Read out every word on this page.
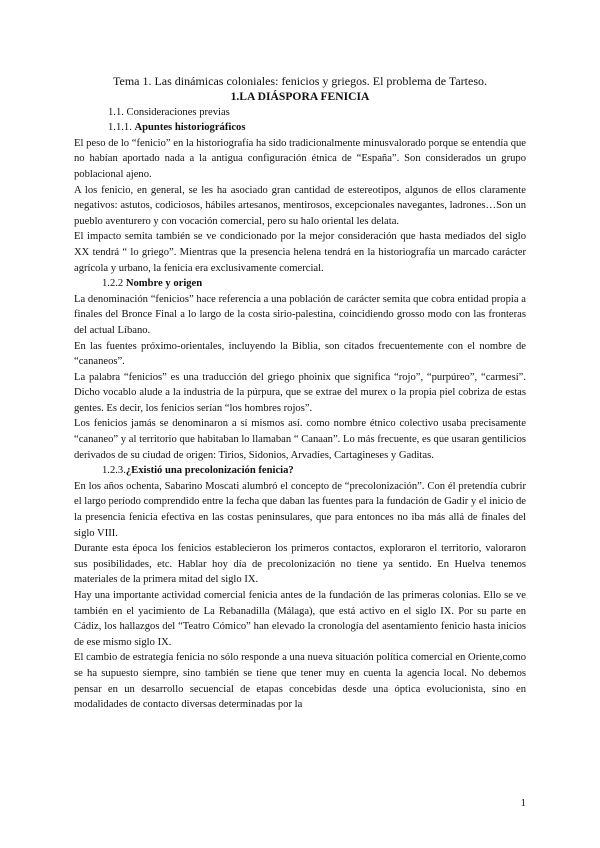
Tema 1. Las dinámicas coloniales: fenicios y griegos. El problema de Tarteso.
1.LA DIÁSPORA FENICIA

1.1. Consideraciones previas

1.1.1. Apuntes historiográficos

El peso de lo “fenicio” en la historiografía ha sido tradicionalmente minusvalorado porque se entendía que no habían aportado nada a la antigua configuración étnica de “España”. Son considerados un grupo poblacional ajeno.

A los fenicio, en general, se les ha asociado gran cantidad de estereotipos, algunos de ellos claramente negativos: astutos, codiciosos, hábiles artesanos, mentirosos, excepcionales navegantes, ladrones…Son un pueblo aventurero y con vocación comercial, pero su halo oriental les delata.

El impacto semita también se ve condicionado por la mejor consideración que hasta mediados del siglo XX tendrá “ lo griego”. Mientras que la presencia helena tendrá en la historiografía un marcado carácter agrícola y urbano, la fenicia era exclusivamente comercial.

1.2.2 Nombre y origen

La denominación “fenicios” hace referencia a una población de carácter semita que cobra entidad propia a finales del Bronce Final a lo largo de la costa sirio-palestina, coincidiendo grosso modo con las fronteras del actual Líbano.

En las fuentes próximo-orientales, incluyendo la Biblia, son citados frecuentemente con el nombre de “cananeos”.

La palabra “fenicios” es una traducción del griego phoinix que significa “rojo”, “purpúreo”, “carmesí”. Dicho vocablo alude a la industria de la púrpura, que se extrae del murex o la propia piel cobriza de estas gentes. Es decir, los fenicios serían “los hombres rojos”.

Los fenicios jamás se denominaron a sí mismos así. como nombre étnico colectivo usaba precisamente “cananeo” y al territorio que habitaban lo llamaban “ Canaan”. Lo más frecuente, es que usaran gentilicios derivados de su ciudad de origen: Tirios, Sidonios, Arvadíes, Cartagineses y Gaditas.

1.2.3.¿Existió una precolonización fenicia?

En los años ochenta, Sabarino Moscati alumbró el concepto de “precolonización”. Con él pretendía cubrir el largo período comprendido entre la fecha que daban las fuentes para la fundación de Gadir y el inicio de la presencia fenicia efectiva en las costas peninsulares, que para entonces no iba más allá de finales del siglo VIII.

Durante esta época los fenicios establecieron los primeros contactos, exploraron el territorio, valoraron sus posibilidades, etc. Hablar hoy día de precolonización no tiene ya sentido. En Huelva tenemos materiales de la primera mitad del siglo IX.

Hay una importante actividad comercial fenicia antes de la fundación de las primeras colonias. Ello se ve también en el yacimiento de La Rebanadilla (Málaga), que está activo en el siglo IX. Por su parte en Cádiz, los hallazgos del “Teatro Cómico” han elevado la cronología del asentamiento fenicio hasta inicios de ese mismo siglo IX.

El cambio de estrategía fenicia no sólo responde a una nueva situación política comercial en Oriente,como se ha supuesto siempre, sino también se tiene que tener muy en cuenta la agencia local. No debemos pensar en un desarrollo secuencial de etapas concebidas desde una óptica evolucionista, sino en modalidades de contacto diversas determinadas por la

1
